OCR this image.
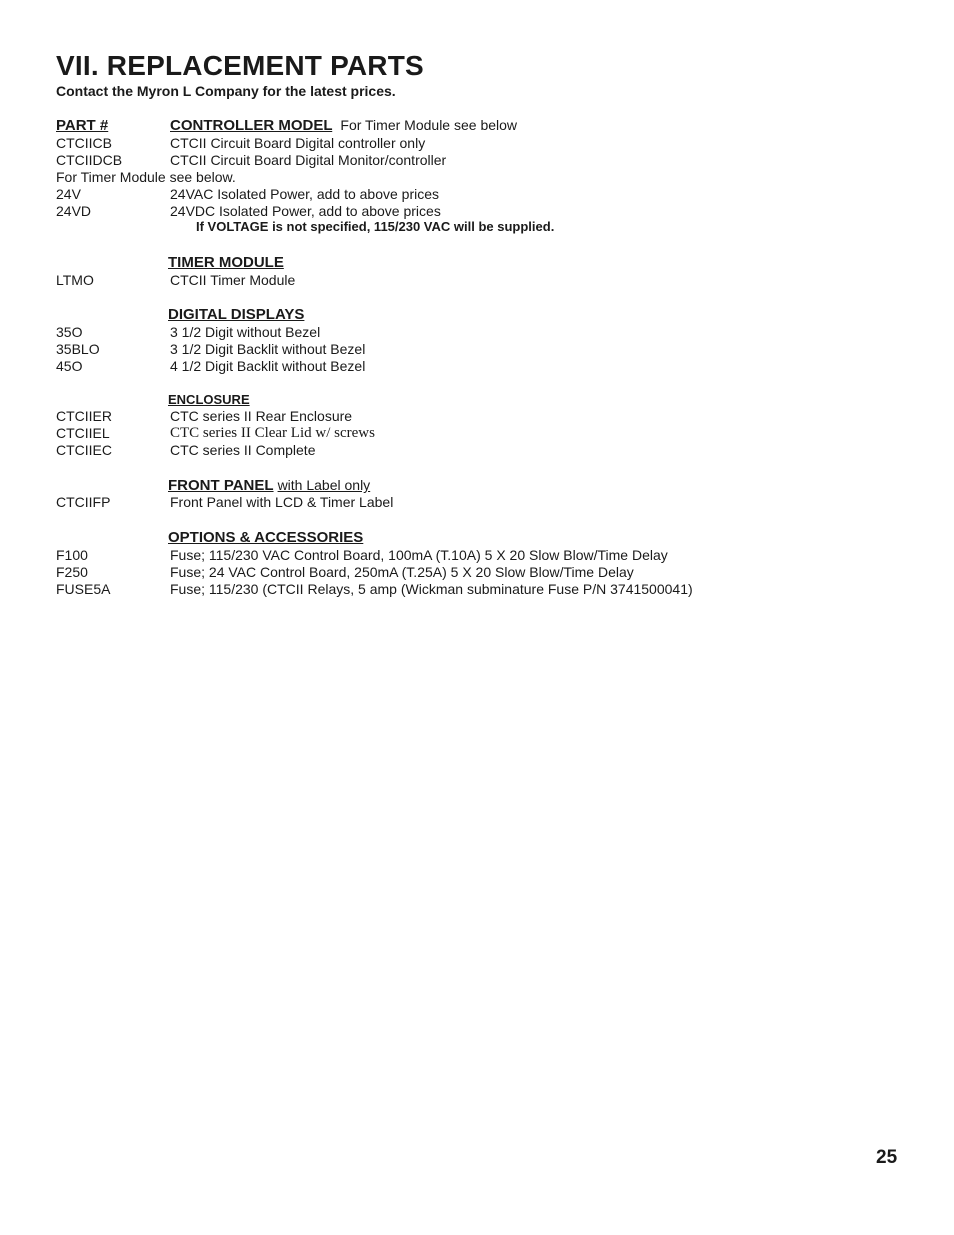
VII. REPLACEMENT PARTS

Contact the Myron L Company for the latest prices.

PART #	CONTROLLER MODEL For Timer Module see below
CTCIICB	CTCII Circuit Board Digital controller only
CTCIIDCB	CTCII Circuit Board Digital Monitor/controller
For Timer Module see below.
24V	24VAC Isolated Power, add to above prices
24VD	24VDC Isolated Power, add to above prices
If VOLTAGE is not specified, 115/230 VAC will be supplied.
TIMER MODULE
LTMO	CTCII Timer Module
DIGITAL DISPLAYS
35O	3 1/2 Digit without Bezel
35BLO	3 1/2 Digit Backlit without Bezel
45O	4 1/2 Digit Backlit without Bezel
ENCLOSURE
CTCIIER	CTC series II Rear Enclosure
CTCIIEL	CTC series II Clear Lid w/ screws
CTCIIEC	CTC series II Complete
FRONT PANEL with Label only
CTCIIFP	Front Panel with LCD & Timer Label
OPTIONS & ACCESSORIES
F100	Fuse; 115/230 VAC Control Board, 100mA (T.10A) 5 X 20 Slow Blow/Time Delay
F250	Fuse; 24 VAC Control Board, 250mA (T.25A) 5 X 20 Slow Blow/Time Delay
FUSE5A	Fuse; 115/230 (CTCII Relays, 5 amp (Wickman subminature Fuse P/N 3741500041)
25
